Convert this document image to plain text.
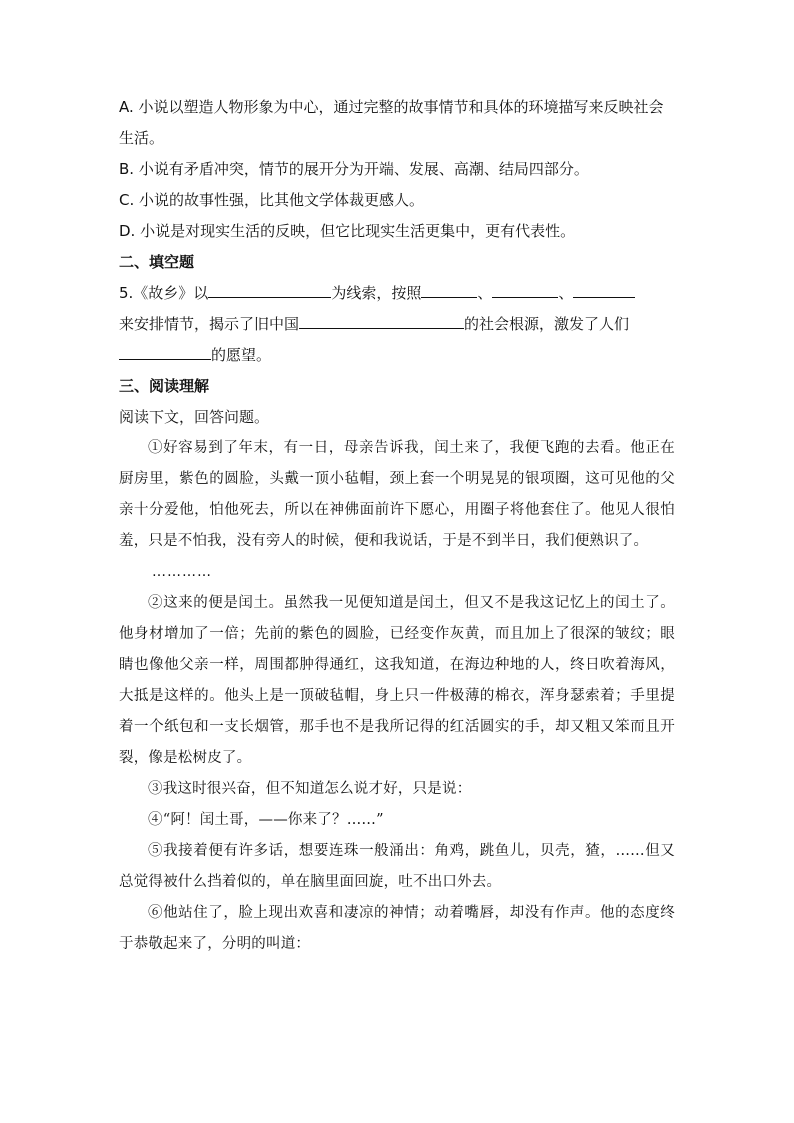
A. 小说以塑造人物形象为中心，通过完整的故事情节和具体的环境描写来反映社会生活。

B. 小说有矛盾冲突，情节的展开分为开端、发展、高潮、结局四部分。

C. 小说的故事性强，比其他文学体裁更感人。

D. 小说是对现实生活的反映，但它比现实生活更集中，更有代表性。

二、填空题

5.《故乡》以	为线索，按照	、	、
来安排情节，揭示了旧中国	的社会根源，激发了人们
的愿望。

三、阅读理解

阅读下文，回答问题。

①好容易到了年末，有一日，母亲告诉我，闰土来了，我便飞跑的去看。他正在厨房里，紫色的圆脸，头戴一顶小毡帽，颈上套一个明晃晃的银项圈，这可见他的父亲十分爱他，怕他死去，所以在神佛面前许下愿心，用圈子将他套住了。他见人很怕羞，只是不怕我，没有旁人的时候，便和我说话，于是不到半日，我们便熟识了。

…………

②这来的便是闰土。虽然我一见便知道是闰土，但又不是我这记忆上的闰土了。他身材增加了一倍；先前的紫色的圆脸，已经变作灰黄，而且加上了很深的皱纹；眼睛也像他父亲一样，周围都肿得通红，这我知道，在海边种地的人，终日吹着海风，大抵是这样的。他头上是一顶破毡帽，身上只一件极薄的棉衣，浑身瑟索着；手里提着一个纸包和一支长烟管，那手也不是我所记得的红活圆实的手，却又粗又笨而且开裂，像是松树皮了。

③我这时很兴奋，但不知道怎么说才好，只是说：

④“阿！闰土哥，——你来了？……”

⑤我接着便有许多话，想要连珠一般涌出：角鸡，跳鱼儿，贝壳，猹，……但又总觉得被什么挡着似的，单在脑里面回旋，吐不出口外去。

⑥他站住了，脸上现出欢喜和凄凉的神情；动着嘴唇，却没有作声。他的态度终于恭敬起来了，分明的叫道：
